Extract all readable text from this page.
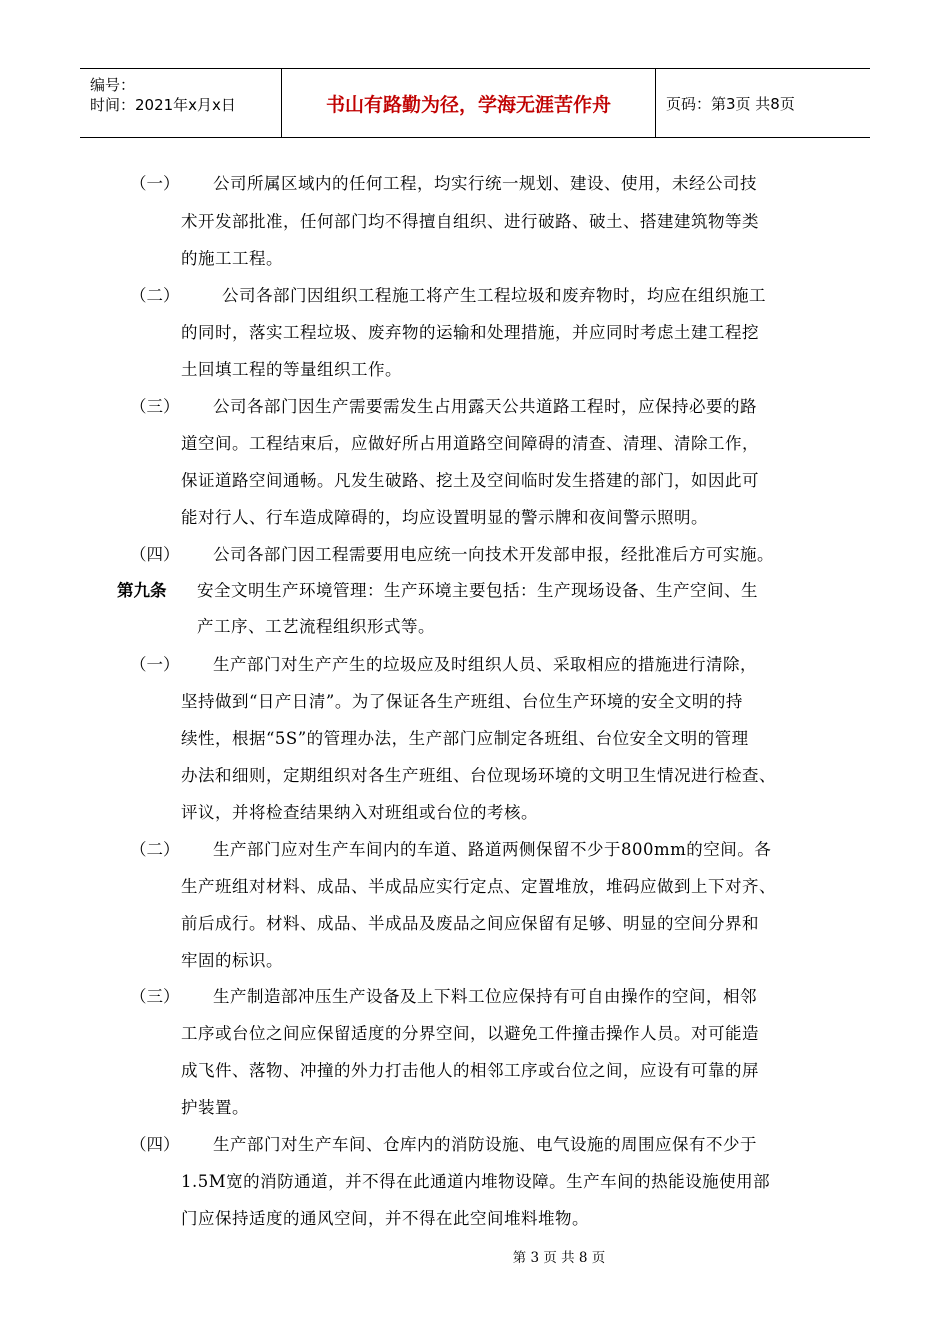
编号：
时间：2021年x月x日	书山有路勤为径，学海无涯苦作舟	页码：第3页 共8页
（一） 公司所属区域内的任何工程，均实行统一规划、建设、使用，未经公司技
术开发部批准，任何部门均不得擅自组织、进行破路、破土、搭建建筑物等类
的施工工程。
（二）	公司各部门因组织工程施工将产生工程垃圾和废弃物时，均应在组织施工
的同时，落实工程垃圾、废弃物的运输和处理措施，并应同时考虑土建工程挖
土回填工程的等量组织工作。
（三） 公司各部门因生产需要需发生占用露天公共道路工程时，应保持必要的路
道空间。工程结束后，应做好所占用道路空间障碍的清查、清理、清除工作，
保证道路空间通畅。凡发生破路、挖土及空间临时发生搭建的部门，如因此可
能对行人、行车造成障碍的，均应设置明显的警示牌和夜间警示照明。
（四） 公司各部门因工程需要用电应统一向技术开发部申报，经批准后方可实施。
第九条 安全文明生产环境管理：生产环境主要包括：生产现场设备、生产空间、生
产工序、工艺流程组织形式等。
（一） 生产部门对生产产生的垃圾应及时组织人员、采取相应的措施进行清除，
坚持做到“日产日清”。为了保证各生产班组、台位生产环境的安全文明的持
续性，根据“5S”的管理办法，生产部门应制定各班组、台位安全文明的管理
办法和细则，定期组织对各生产班组、台位现场环境的文明卫生情况进行检查、
评议，并将检查结果纳入对班组或台位的考核。
（二） 生产部门应对生产车间内的车道、路道两侧保留不少于800mm的空间。各
生产班组对材料、成品、半成品应实行定点、定置堆放，堆码应做到上下对齐、
前后成行。材料、成品、半成品及废品之间应保留有足够、明显的空间分界和
牢固的标识。
（三） 生产制造部冲压生产设备及上下料工位应保持有可自由操作的空间，相邻
工序或台位之间应保留适度的分界空间，以避免工件撞击操作人员。对可能造
成飞件、落物、冲撞的外力打击他人的相邻工序或台位之间，应设有可靠的屏
护装置。
（四） 生产部门对生产车间、仓库内的消防设施、电气设施的周围应保有不少于
1.5M宽的消防通道，并不得在此通道内堆物设障。生产车间的热能设施使用部
门应保持适度的通风空间，并不得在此空间堆料堆物。
第 3 页 共 8 页
